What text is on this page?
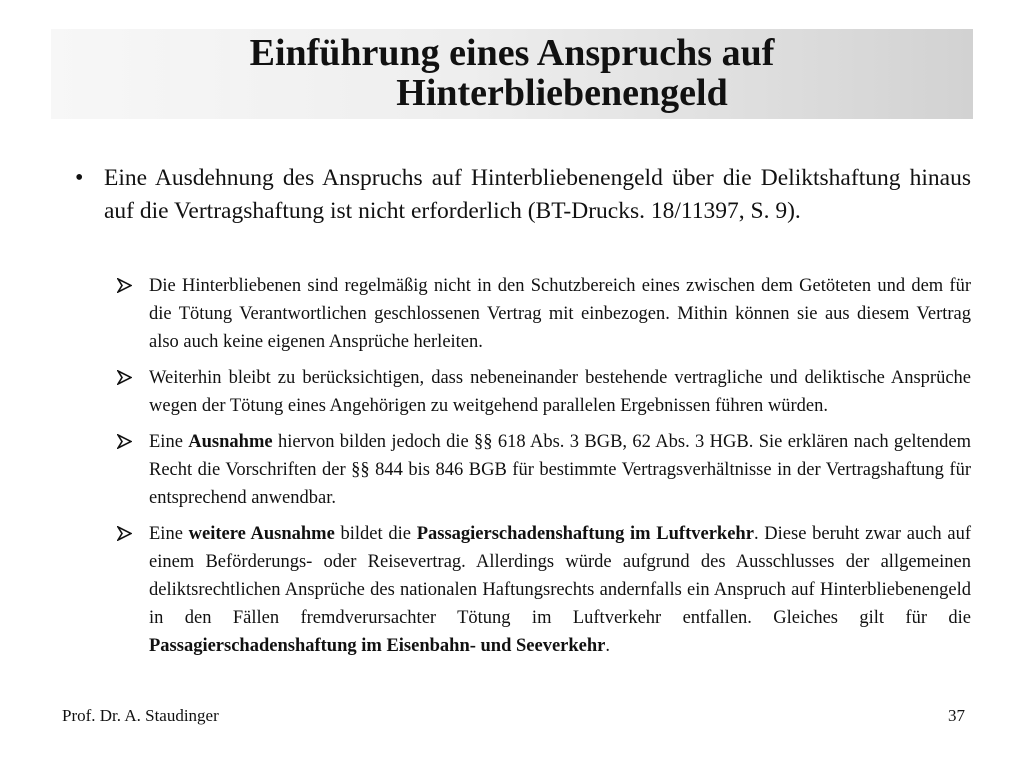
Einführung eines Anspruchs auf
Hinterbliebenengeld
• Eine Ausdehnung des Anspruchs auf Hinterbliebenengeld über die Deliktshaftung hinaus auf die Vertragshaftung ist nicht erforderlich (BT-Drucks. 18/11397, S. 9).
Die Hinterbliebenen sind regelmäßig nicht in den Schutzbereich eines zwischen dem Getöteten und dem für die Tötung Verantwortlichen geschlossenen Vertrag mit einbezogen. Mithin können sie aus diesem Vertrag also auch keine eigenen Ansprüche herleiten.
Weiterhin bleibt zu berücksichtigen, dass nebeneinander bestehende vertragliche und deliktische Ansprüche wegen der Tötung eines Angehörigen zu weitgehend parallelen Ergebnissen führen würden.
Eine Ausnahme hiervon bilden jedoch die §§ 618 Abs. 3 BGB, 62 Abs. 3 HGB. Sie erklären nach geltendem Recht die Vorschriften der §§ 844 bis 846 BGB für bestimmte Vertragsverhältnisse in der Vertragshaftung für entsprechend anwendbar.
Eine weitere Ausnahme bildet die Passagierschadenshaftung im Luftverkehr. Diese beruht zwar auch auf einem Beförderungs- oder Reisevertrag. Allerdings würde aufgrund des Ausschlusses der allgemeinen deliktsrechtlichen Ansprüche des nationalen Haftungsrechts andernfalls ein Anspruch auf Hinterbliebenengeld in den Fällen fremdverursachter Tötung im Luftverkehr entfallen. Gleiches gilt für die Passagierschadenshaftung im Eisenbahn- und Seeverkehr.
Prof. Dr. A. Staudinger	37
